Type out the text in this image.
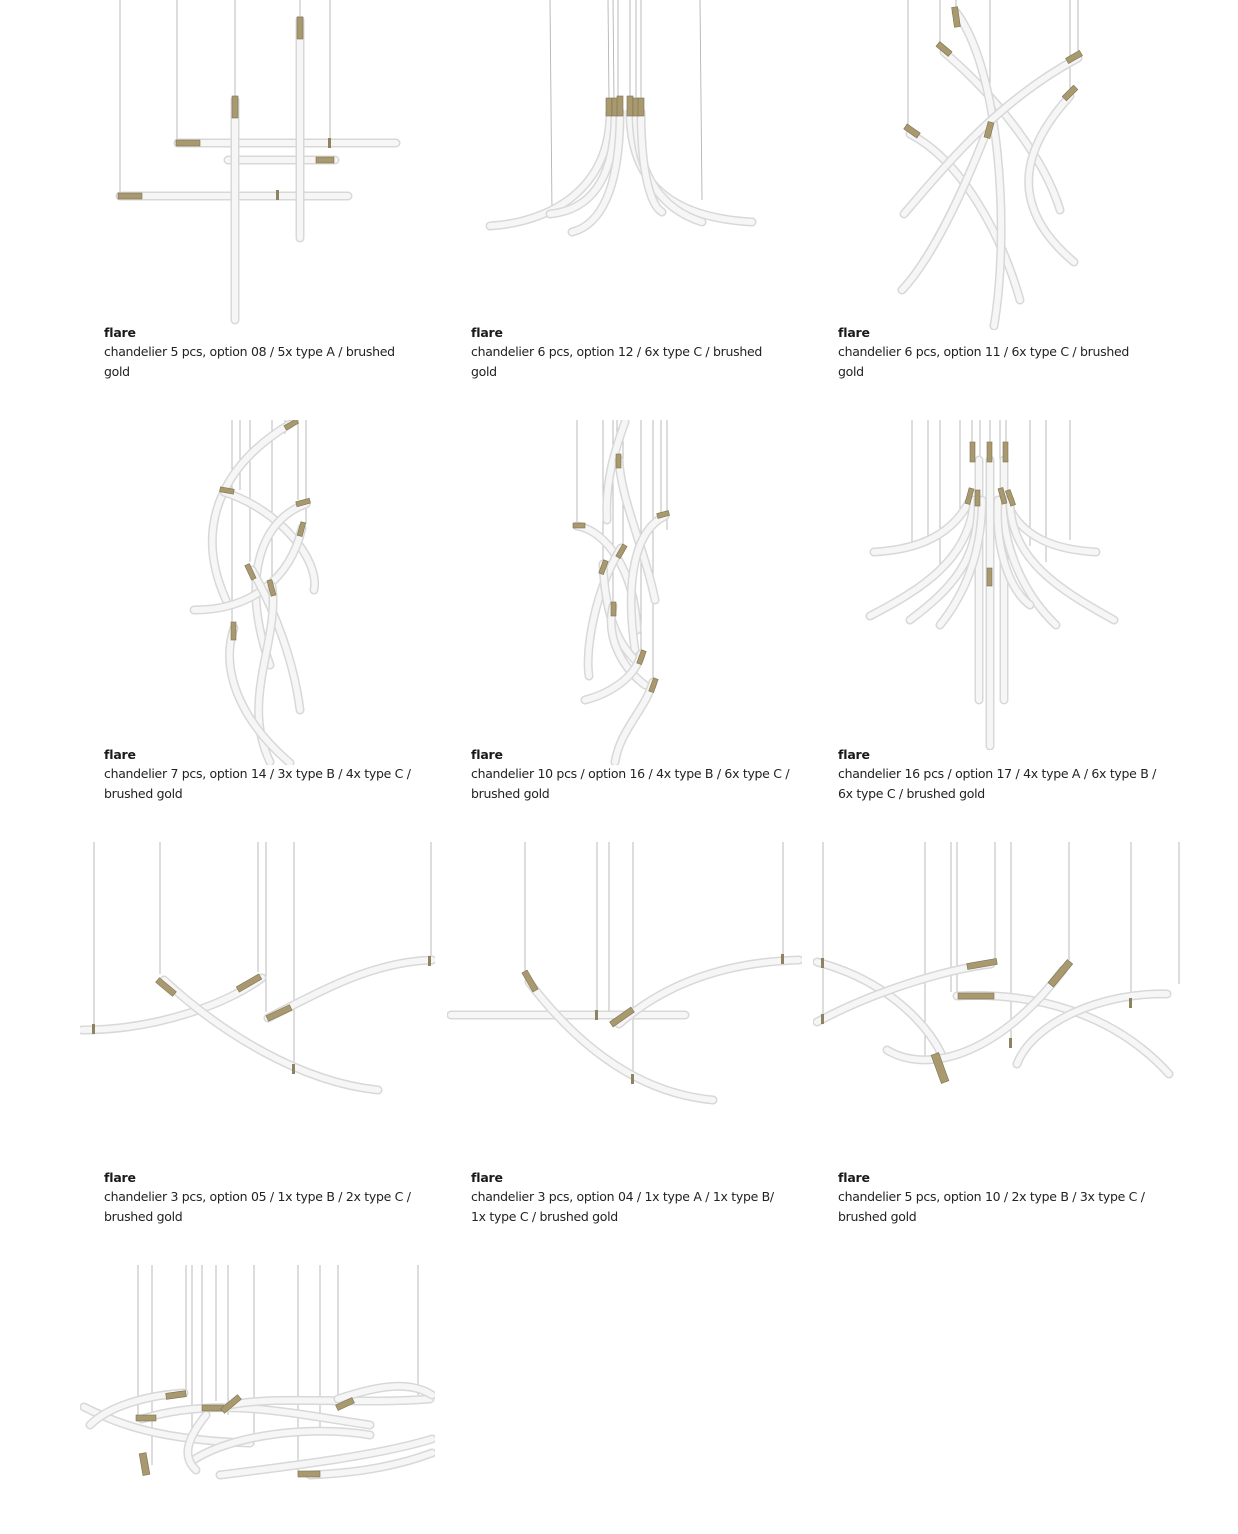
flare
chandelier 5 pcs, option 08 / 5x type A / brushed gold
flare
chandelier 6 pcs, option 12 / 6x type C / brushed gold
flare
chandelier 6 pcs, option 11 / 6x type C / brushed gold
flare
chandelier 7 pcs, option 14 / 3x type B / 4x type C / brushed gold
flare
chandelier 10 pcs / option 16 / 4x type B / 6x type C / brushed gold
flare
chandelier 16 pcs / option 17 / 4x type A / 6x type B / 6x type C / brushed gold
flare
chandelier 3 pcs, option 05 / 1x type B / 2x type C / brushed gold
flare
chandelier 3 pcs, option 04 / 1x type A / 1x type B/ 1x type C / brushed gold
flare
chandelier 5 pcs, option 10 / 2x type B / 3x type C / brushed gold
